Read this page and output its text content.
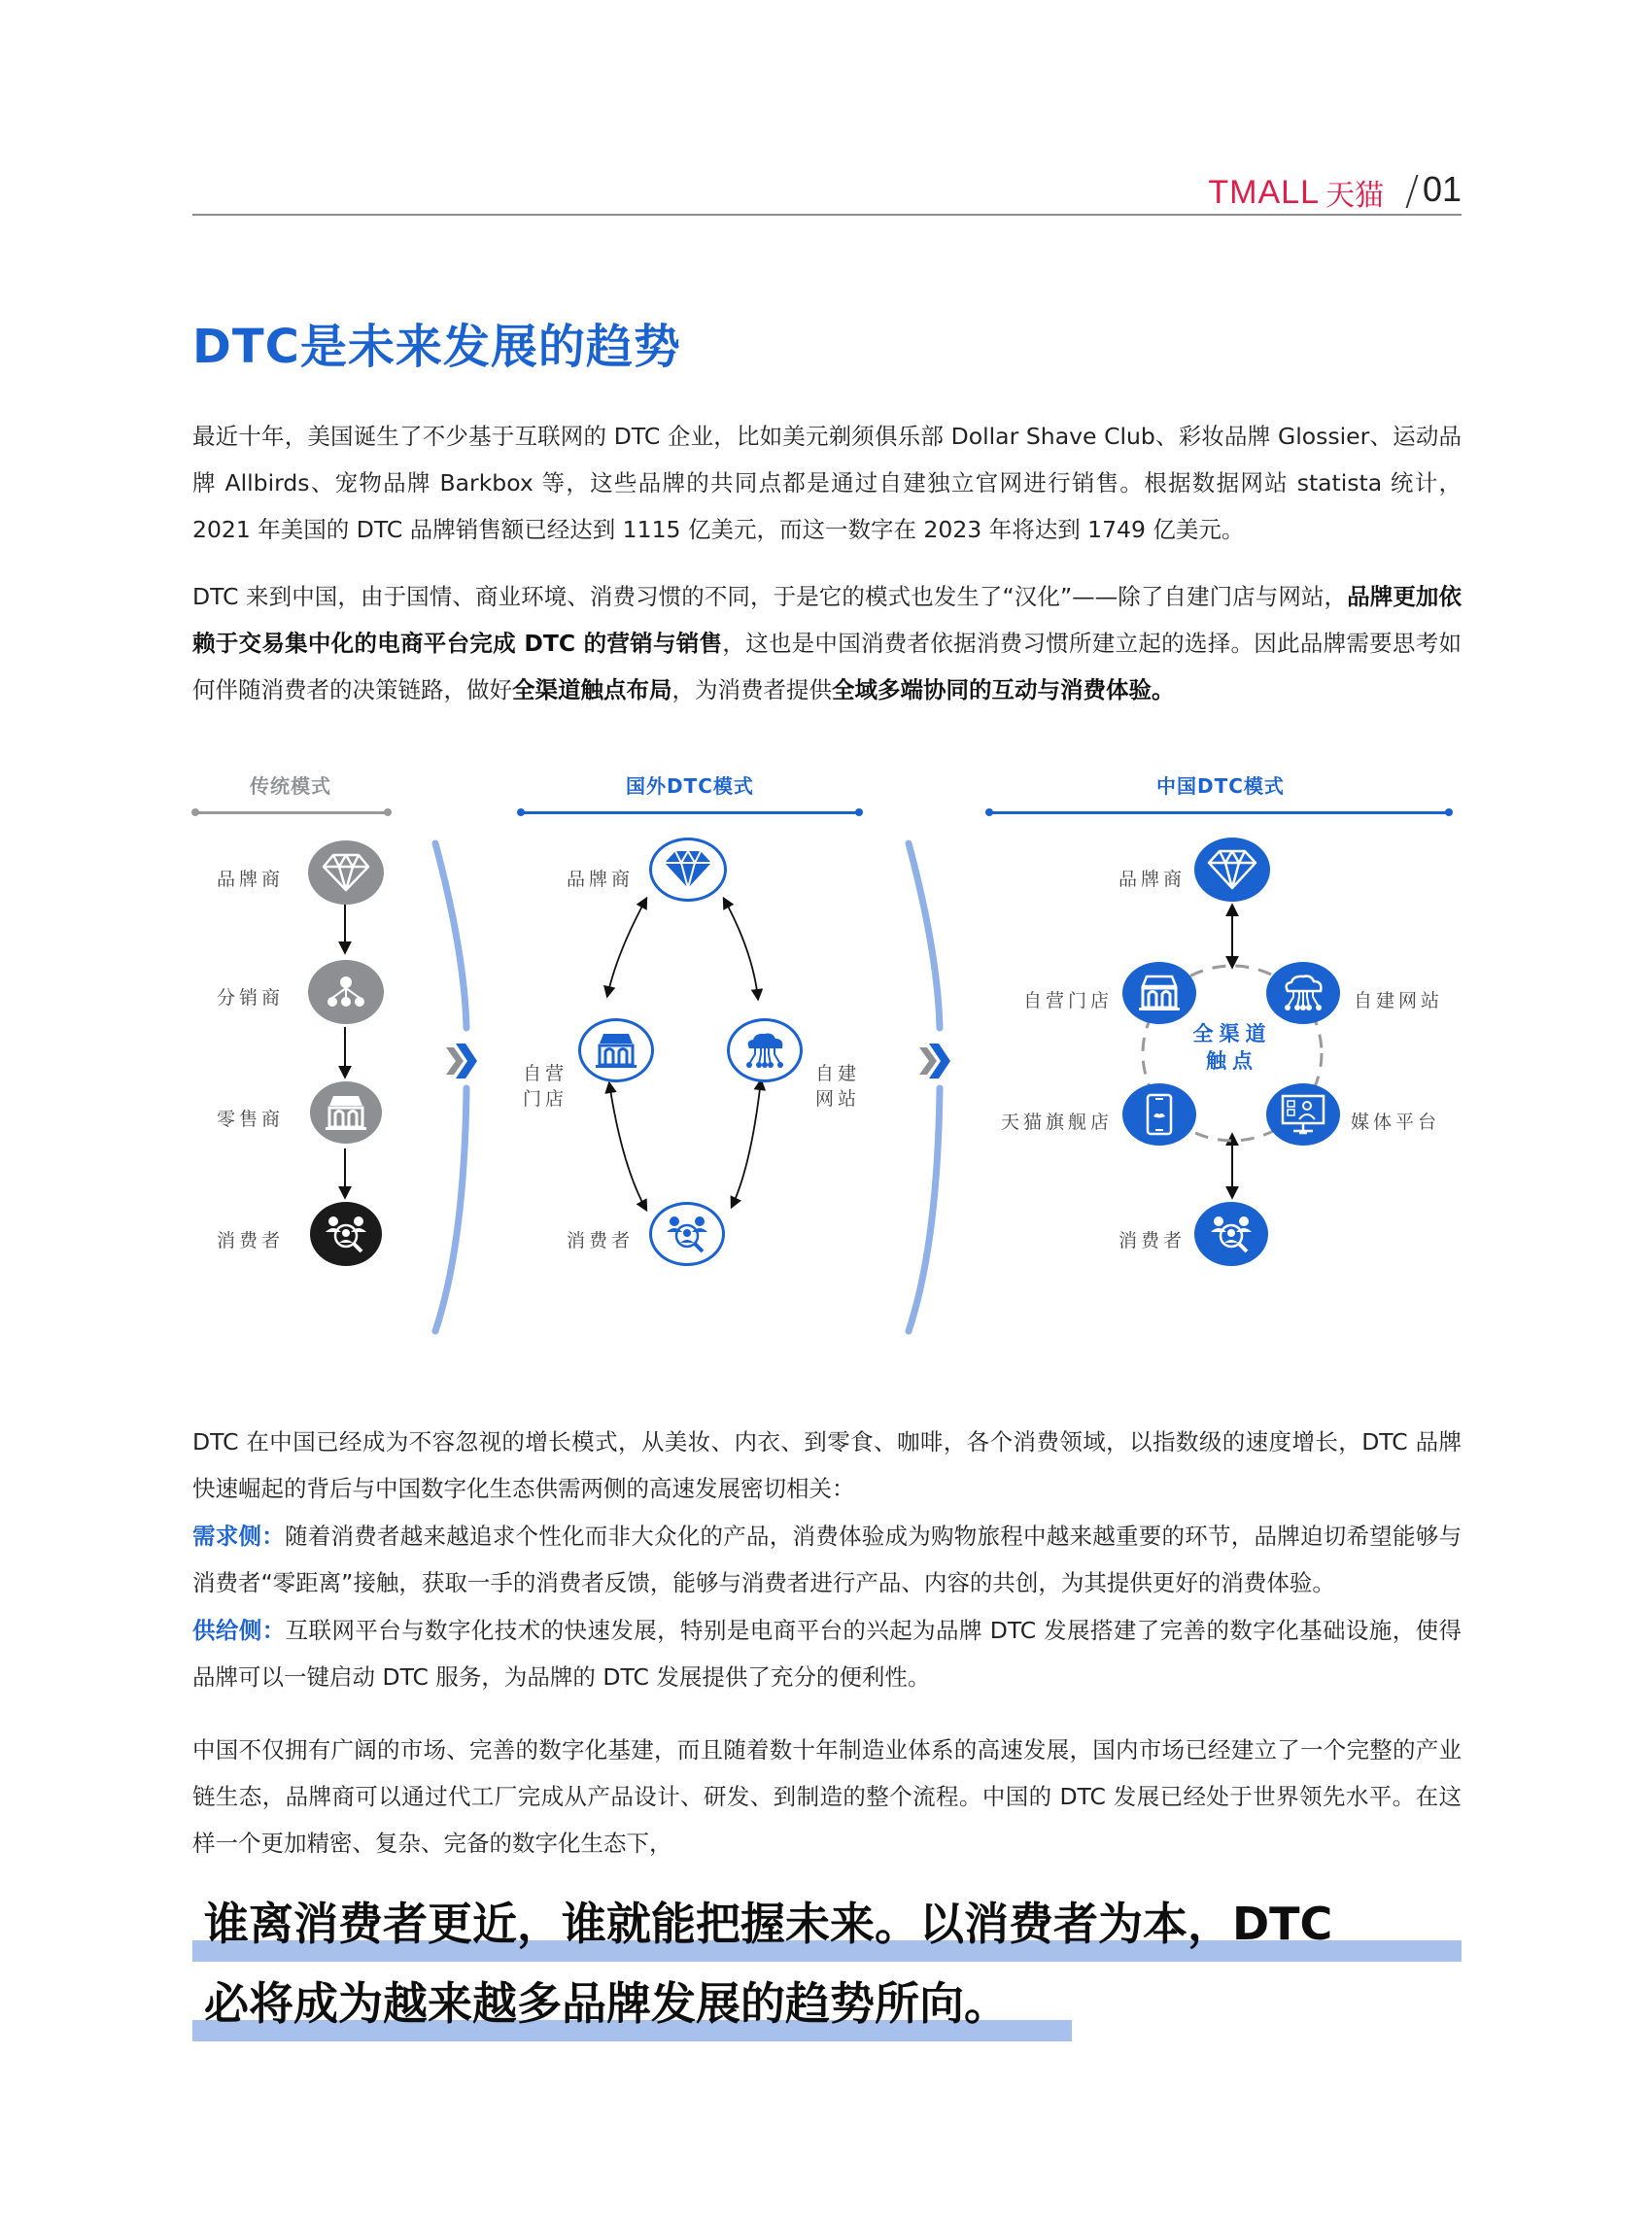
TMALL 天猫 01
DTC是未来发展的趋势

最近十年，美国诞生了不少基于互联网的 DTC 企业，比如美元剃须俱乐部 Dollar Shave Club、彩妆品牌 Glossier、运动品牌 Allbirds、宠物品牌 Barkbox 等，这些品牌的共同点都是通过自建独立官网进行销售。根据数据网站 statista 统计，2021 年美国的 DTC 品牌销售额已经达到 1115 亿美元，而这一数字在 2023 年将达到 1749 亿美元。

DTC 来到中国，由于国情、商业环境、消费习惯的不同，于是它的模式也发生了“汉化”——除了自建门店与网站，品牌更加依赖于交易集中化的电商平台完成 DTC 的营销与销售，这也是中国消费者依据消费习惯所建立起的选择。因此品牌需要思考如何伴随消费者的决策链路，做好全渠道触点布局，为消费者提供全域多端协同的互动与消费体验。

传统模式
品牌商
分销商
零售商
消费者
国外DTC模式
品牌商
自营
门店
自建
网站
消费者
中国DTC模式
品牌商
自营门店	自建网站
全渠道
触点
天猫旗舰店	媒体平台
消费者

DTC 在中国已经成为不容忽视的增长模式，从美妆、内衣、到零食、咖啡，各个消费领域，以指数级的速度增长，DTC 品牌快速崛起的背后与中国数字化生态供需两侧的高速发展密切相关：

需求侧：随着消费者越来越追求个性化而非大众化的产品，消费体验成为购物旅程中越来越重要的环节，品牌迫切希望能够与消费者“零距离”接触，获取一手的消费者反馈，能够与消费者进行产品、内容的共创，为其提供更好的消费体验。

供给侧：互联网平台与数字化技术的快速发展，特别是电商平台的兴起为品牌 DTC 发展搭建了完善的数字化基础设施，使得品牌可以一键启动 DTC 服务，为品牌的 DTC 发展提供了充分的便利性。

中国不仅拥有广阔的市场、完善的数字化基建，而且随着数十年制造业体系的高速发展，国内市场已经建立了一个完整的产业链生态，品牌商可以通过代工厂完成从产品设计、研发、到制造的整个流程。中国的 DTC 发展已经处于世界领先水平。在这样一个更加精密、复杂、完备的数字化生态下，

谁离消费者更近，谁就能把握未来。以消费者为本，DTC
必将成为越来越多品牌发展的趋势所向。
